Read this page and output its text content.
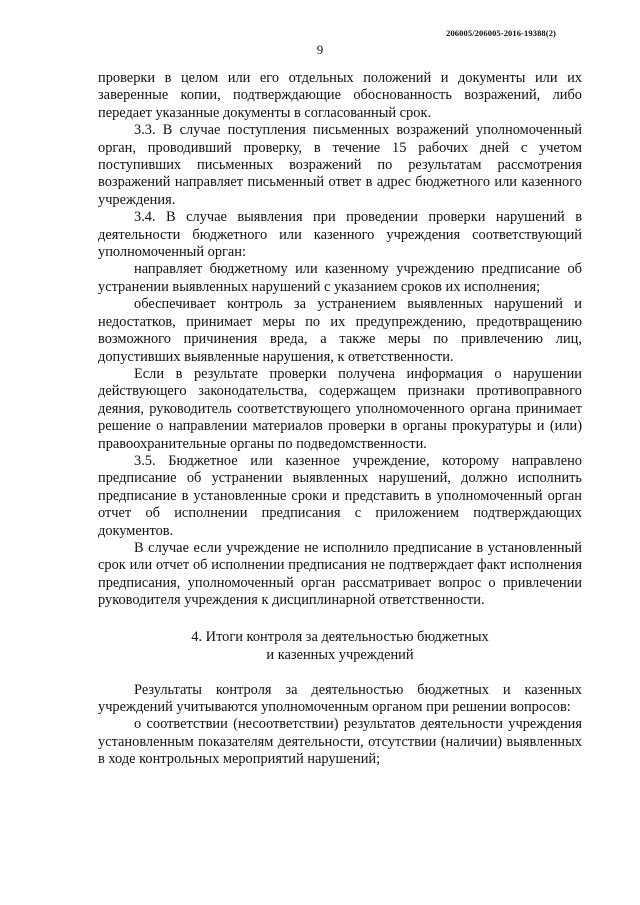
206005/206005-2016-19388(2)
9

проверки в целом или его отдельных положений и документы или их заверенные копии, подтверждающие обоснованность возражений, либо передает указанные документы в согласованный срок.

3.3. В случае поступления письменных возражений уполномоченный орган, проводивший проверку, в течение 15 рабочих дней с учетом поступивших письменных возражений по результатам рассмотрения возражений направляет письменный ответ в адрес бюджетного или казенного учреждения.

3.4. В случае выявления при проведении проверки нарушений в деятельности бюджетного или казенного учреждения соответствующий уполномоченный орган:

направляет бюджетному или казенному учреждению предписание об устранении выявленных нарушений с указанием сроков их исполнения;

обеспечивает контроль за устранением выявленных нарушений и недостатков, принимает меры по их предупреждению, предотвращению возможного причинения вреда, а также меры по привлечению лиц, допустивших выявленные нарушения, к ответственности.

Если в результате проверки получена информация о нарушении действующего законодательства, содержащем признаки противоправного деяния, руководитель соответствующего уполномоченного органа принимает решение о направлении материалов проверки в органы прокуратуры и (или) правоохранительные органы по подведомственности.

3.5. Бюджетное или казенное учреждение, которому направлено предписание об устранении выявленных нарушений, должно исполнить предписание в установленные сроки и представить в уполномоченный орган отчет об исполнении предписания с приложением подтверждающих документов.

В случае если учреждение не исполнило предписание в установленный срок или отчет об исполнении предписания не подтверждает факт исполнения предписания, уполномоченный орган рассматривает вопрос о привлечении руководителя учреждения к дисциплинарной ответственности.

4. Итоги контроля за деятельностью бюджетных
и казенных учреждений

Результаты контроля за деятельностью бюджетных и казенных учреждений учитываются уполномоченным органом при решении вопросов:

о соответствии (несоответствии) результатов деятельности учреждения установленным показателям деятельности, отсутствии (наличии) выявленных в ходе контрольных мероприятий нарушений;
